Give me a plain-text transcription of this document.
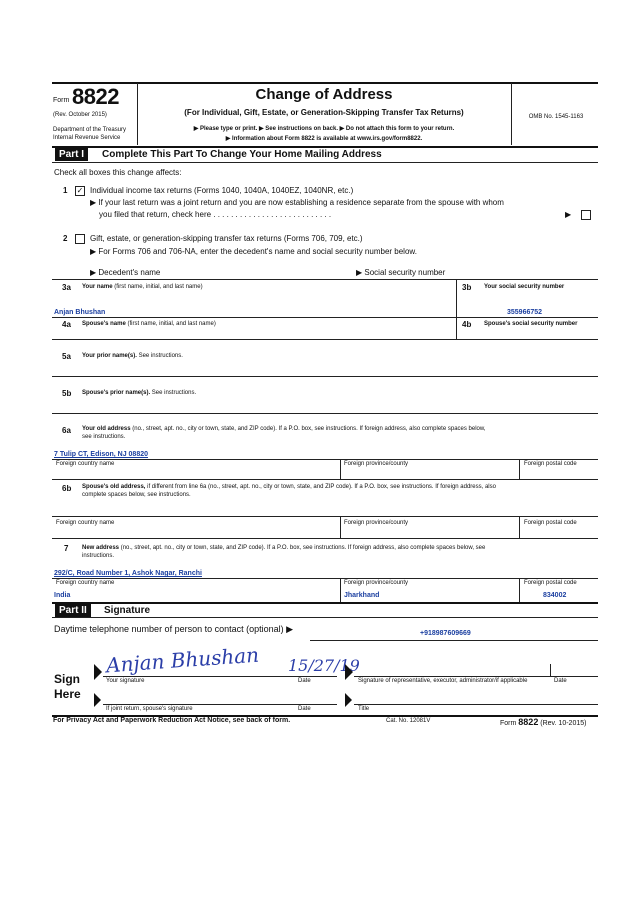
Form 8822
(Rev. October 2015)
Department of the Treasury
Internal Revenue Service
Change of Address
(For Individual, Gift, Estate, or Generation-Skipping Transfer Tax Returns)
▶ Please type or print. ▶ See instructions on back. ▶ Do not attach this form to your return.
▶ Information about Form 8822 is available at www.irs.gov/form8822.
OMB No. 1545-1163
Part I	Complete This Part To Change Your Home Mailing Address
Check all boxes this change affects:
1 ✓ Individual income tax returns (Forms 1040, 1040A, 1040EZ, 1040NR, etc.)
▶ If your last return was a joint return and you are now establishing a residence separate from the spouse with whom
you filed that return, check here . . . . . . . . . . . . . . . . . . . . . . . . . . .	▶
2	Gift, estate, or generation-skipping transfer tax returns (Forms 706, 709, etc.)
▶ For Forms 706 and 706-NA, enter the decedent's name and social security number below.
▶ Decedent's name	▶ Social security number
3a Your name (first name, initial, and last name)	3b Your social security number
Anjan Bhushan	355966752
4a Spouse's name (first name, initial, and last name)	4b Spouse's social security number
5a Your prior name(s). See instructions.
5b Spouse's prior name(s). See instructions.
6a Your old address (no., street, apt. no., city or town, state, and ZIP code). If a P.O. box, see instructions. If foreign address, also complete spaces below,
see instructions.
7 Tulip CT, Edison, NJ 08820
Foreign country name	Foreign province/county	Foreign postal code
6b Spouse's old address, if different from line 6a (no., street, apt. no., city or town, state, and ZIP code). If a P.O. box, see instructions. If foreign address, also
complete spaces below, see instructions.
Foreign country name	Foreign province/county	Foreign postal code
7 New address (no., street, apt. no., city or town, state, and ZIP code). If a P.O. box, see instructions. If foreign address, also complete spaces below, see
instructions.
292/C, Road Number 1, Ashok Nagar, Ranchi
Foreign country name	Foreign province/county	Foreign postal code
India	Jharkhand	834002
Part II	Signature
Daytime telephone number of person to contact (optional) ▶	+918987609669
Sign
Here
Anjan Bhushan 15/27/19
Your signature	Date	Signature of representative, executor, administrator/if applicable	Date
If joint return, spouse's signature	Date	Title
For Privacy Act and Paperwork Reduction Act Notice, see back of form.	Cat. No. 12081V	Form 8822 (Rev. 10-2015)
